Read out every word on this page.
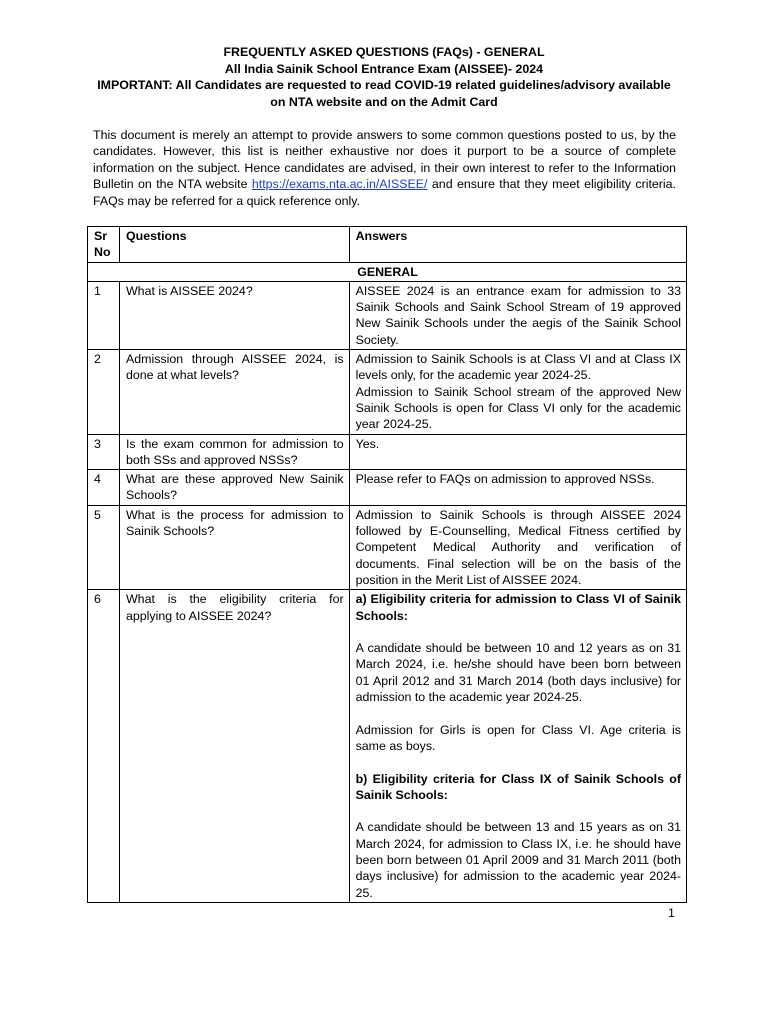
FREQUENTLY ASKED QUESTIONS (FAQs) - GENERAL
All India Sainik School Entrance Exam (AISSEE)- 2024
IMPORTANT: All Candidates are requested to read COVID-19 related guidelines/advisory available
on NTA website and on the Admit Card
This document is merely an attempt to provide answers to some common questions posted to us, by the candidates. However, this list is neither exhaustive nor does it purport to be a source of complete information on the subject. Hence candidates are advised, in their own interest to refer to the Information Bulletin on the NTA website https://exams.nta.ac.in/AISSEE/ and ensure that they meet eligibility criteria. FAQs may be referred for a quick reference only.
Sr No	Questions	Answers
GENERAL		
1	What is AISSEE 2024?	AISSEE 2024 is an entrance exam for admission to 33 Sainik Schools and Saink School Stream of 19 approved New Sainik Schools under the aegis of the Sainik School Society.
2	Admission through AISSEE 2024, is done at what levels?	Admission to Sainik Schools is at Class VI and at Class IX levels only, for the academic year 2024-25.

Admission to Sainik School stream of the approved New Sainik Schools is open for Class VI only for the academic year 2024-25.

3	Is the exam common for admission to both SSs and approved NSSs?	Yes.
4	What are these approved New Sainik Schools?	Please refer to FAQs on admission to approved NSSs.
5	What is the process for admission to Sainik Schools?	Admission to Sainik Schools is through AISSEE 2024 followed by E-Counselling, Medical Fitness certified by Competent Medical Authority and verification of documents. Final selection will be on the basis of the position in the Merit List of AISSEE 2024.
6	What is the eligibility criteria for applying to AISSEE 2024?	a) Eligibility criteria for admission to Class VI of Sainik Schools:

A candidate should be between 10 and 12 years as on 31 March 2024, i.e. he/she should have been born between 01 April 2012 and 31 March 2014 (both days inclusive) for admission to the academic year 2024-25.

Admission for Girls is open for Class VI. Age criteria is same as boys.

b) Eligibility criteria for Class IX of Sainik Schools of Sainik Schools:

A candidate should be between 13 and 15 years as on 31 March 2024, for admission to Class IX, i.e. he should have been born between 01 April 2009 and 31 March 2011 (both days inclusive) for admission to the academic year 2024-25.

1
